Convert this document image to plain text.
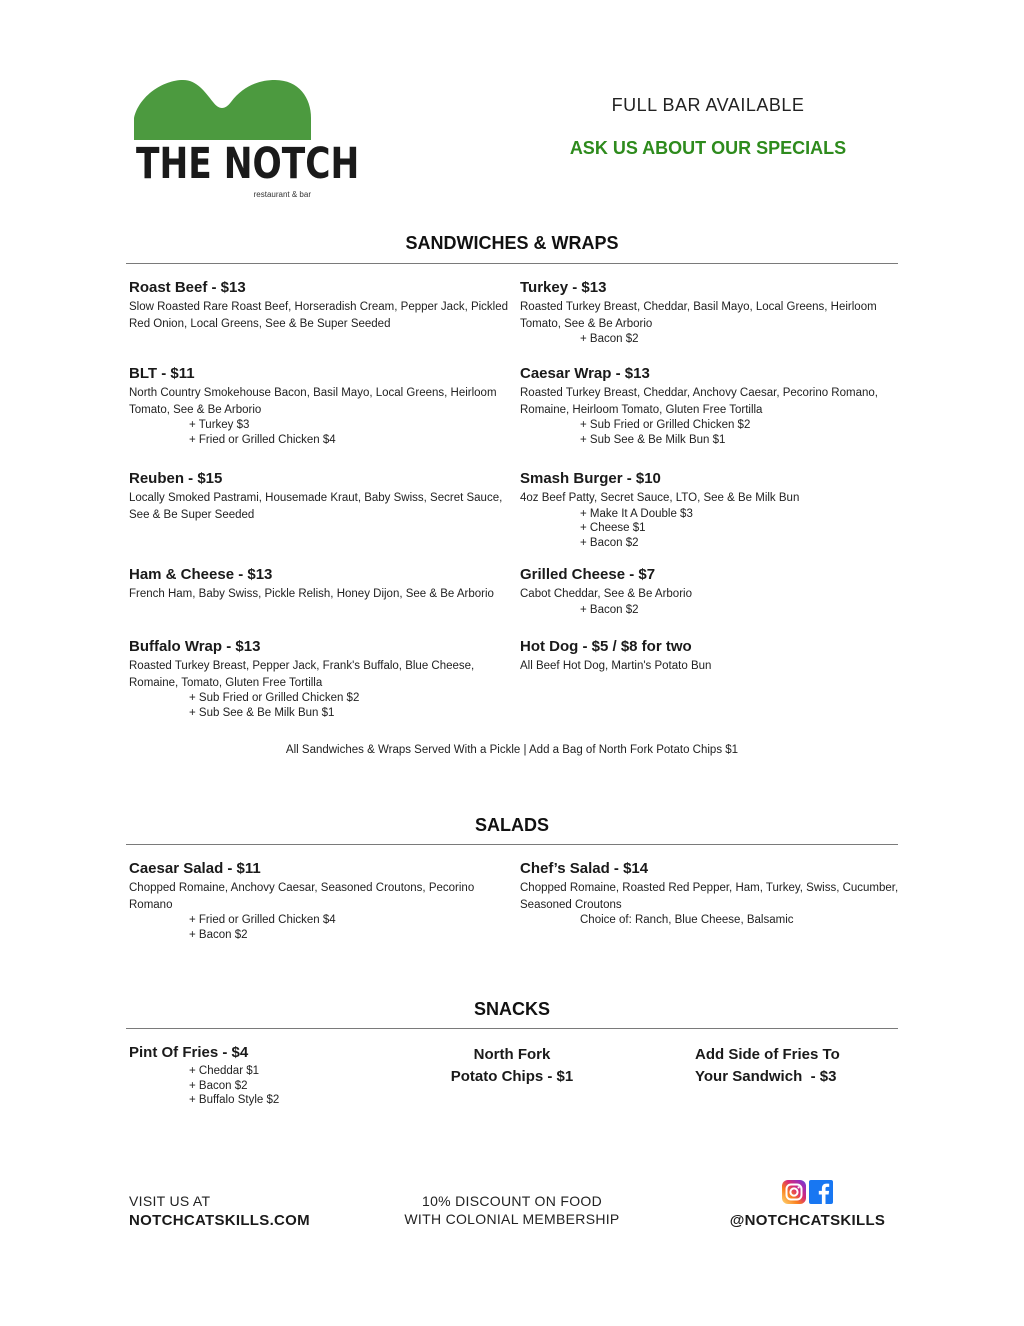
THE NOTCH
restaurant & bar
FULL BAR AVAILABLE
ASK US ABOUT OUR SPECIALS
SANDWICHES & WRAPS
Roast Beef - $13
Slow Roasted Rare Roast Beef, Horseradish Cream, Pepper Jack, Pickled Red Onion, Local Greens, See & Be Super Seeded
Turkey - $13
Roasted Turkey Breast, Cheddar, Basil Mayo, Local Greens, Heirloom Tomato, See & Be Arborio
+ Bacon $2
BLT - $11
North Country Smokehouse Bacon, Basil Mayo, Local Greens, Heirloom Tomato, See & Be Arborio
+ Turkey $3
+ Fried or Grilled Chicken $4
Caesar Wrap - $13
Roasted Turkey Breast, Cheddar, Anchovy Caesar, Pecorino Romano, Romaine, Heirloom Tomato, Gluten Free Tortilla
+ Sub Fried or Grilled Chicken $2
+ Sub See & Be Milk Bun $1
Reuben - $15
Locally Smoked Pastrami, Housemade Kraut, Baby Swiss, Secret Sauce, See & Be Super Seeded
Smash Burger - $10
4oz Beef Patty, Secret Sauce, LTO, See & Be Milk Bun
+ Make It A Double $3
+ Cheese $1
+ Bacon $2
Ham & Cheese - $13
French Ham, Baby Swiss, Pickle Relish, Honey Dijon, See & Be Arborio
Grilled Cheese - $7
Cabot Cheddar, See & Be Arborio
+ Bacon $2
Buffalo Wrap - $13
Roasted Turkey Breast, Pepper Jack, Frank's Buffalo, Blue Cheese, Romaine, Tomato, Gluten Free Tortilla
+ Sub Fried or Grilled Chicken $2
+ Sub See & Be Milk Bun $1
Hot Dog - $5 / $8 for two
All Beef Hot Dog, Martin's Potato Bun
All Sandwiches & Wraps Served With a Pickle | Add a Bag of North Fork Potato Chips $1
SALADS
Caesar Salad - $11
Chopped Romaine, Anchovy Caesar, Seasoned Croutons, Pecorino Romano
+ Fried or Grilled Chicken $4
+ Bacon $2
Chef’s Salad - $14
Chopped Romaine, Roasted Red Pepper, Ham, Turkey, Swiss, Cucumber, Seasoned Croutons
Choice of: Ranch, Blue Cheese, Balsamic
SNACKS
Pint Of Fries - $4
+ Cheddar $1
+ Bacon $2
+ Buffalo Style $2
North Fork
Potato Chips - $1
Add Side of Fries To
Your Sandwich  - $3
VISIT US AT
NOTCHCATSKILLS.COM
10% DISCOUNT ON FOOD
WITH COLONIAL MEMBERSHIP	@NOTCHCATSKILLS
